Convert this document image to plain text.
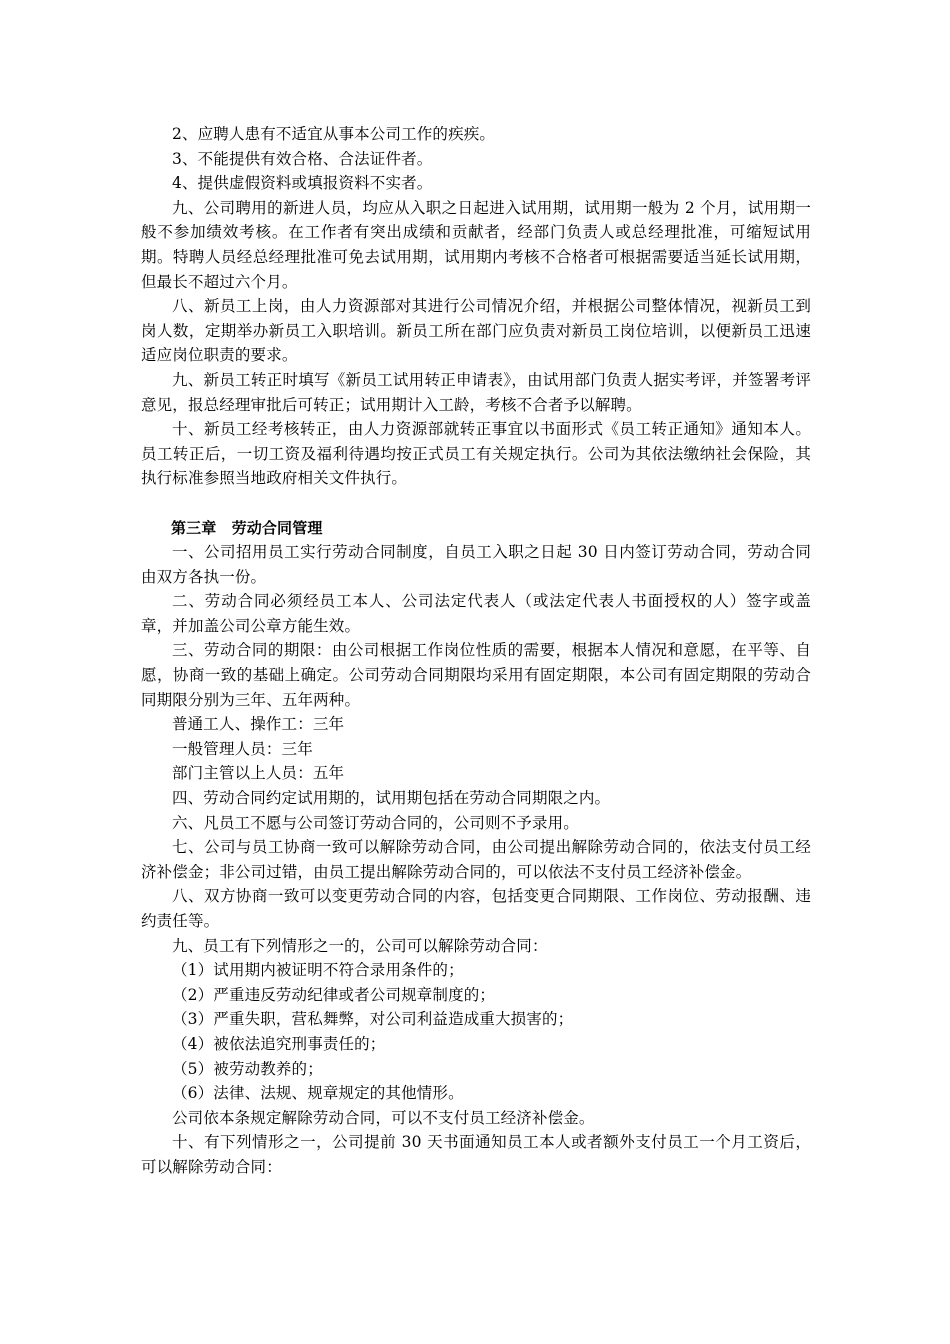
2、应聘人患有不适宜从事本公司工作的疾疾。

3、不能提供有效合格、合法证件者。

4、提供虚假资料或填报资料不实者。

九、公司聘用的新进人员，均应从入职之日起进入试用期，试用期一般为 2 个月，试用期一般不参加绩效考核。在工作者有突出成绩和贡献者，经部门负责人或总经理批准，可缩短试用期。特聘人员经总经理批准可免去试用期，试用期内考核不合格者可根据需要适当延长试用期，但最长不超过六个月。

八、新员工上岗，由人力资源部对其进行公司情况介绍，并根据公司整体情况，视新员工到岗人数，定期举办新员工入职培训。新员工所在部门应负责对新员工岗位培训，以便新员工迅速适应岗位职责的要求。

九、新员工转正时填写《新员工试用转正申请表》，由试用部门负责人据实考评，并签署考评意见，报总经理审批后可转正；试用期计入工龄，考核不合者予以解聘。

十、新员工经考核转正，由人力资源部就转正事宜以书面形式《员工转正通知》通知本人。员工转正后，一切工资及福利待遇均按正式员工有关规定执行。公司为其依法缴纳社会保险，其执行标准参照当地政府相关文件执行。

第三章　劳动合同管理

一、公司招用员工实行劳动合同制度，自员工入职之日起 30 日内签订劳动合同，劳动合同由双方各执一份。

二、劳动合同必须经员工本人、公司法定代表人（或法定代表人书面授权的人）签字或盖章，并加盖公司公章方能生效。

三、劳动合同的期限：由公司根据工作岗位性质的需要，根据本人情况和意愿，在平等、自愿，协商一致的基础上确定。公司劳动合同期限均采用有固定期限，本公司有固定期限的劳动合同期限分别为三年、五年两种。

普通工人、操作工：三年

一般管理人员：三年

部门主管以上人员：五年

四、劳动合同约定试用期的，试用期包括在劳动合同期限之内。

六、凡员工不愿与公司签订劳动合同的，公司则不予录用。

七、公司与员工协商一致可以解除劳动合同，由公司提出解除劳动合同的，依法支付员工经济补偿金；非公司过错，由员工提出解除劳动合同的，可以依法不支付员工经济补偿金。

八、双方协商一致可以变更劳动合同的内容，包括变更合同期限、工作岗位、劳动报酬、违约责任等。

九、员工有下列情形之一的，公司可以解除劳动合同：

（1）试用期内被证明不符合录用条件的；

（2）严重违反劳动纪律或者公司规章制度的；

（3）严重失职，营私舞弊，对公司利益造成重大损害的；

（4）被依法追究刑事责任的；

（5）被劳动教养的；

（6）法律、法规、规章规定的其他情形。

公司依本条规定解除劳动合同，可以不支付员工经济补偿金。

十、有下列情形之一，公司提前 30 天书面通知员工本人或者额外支付员工一个月工资后，可以解除劳动合同：
